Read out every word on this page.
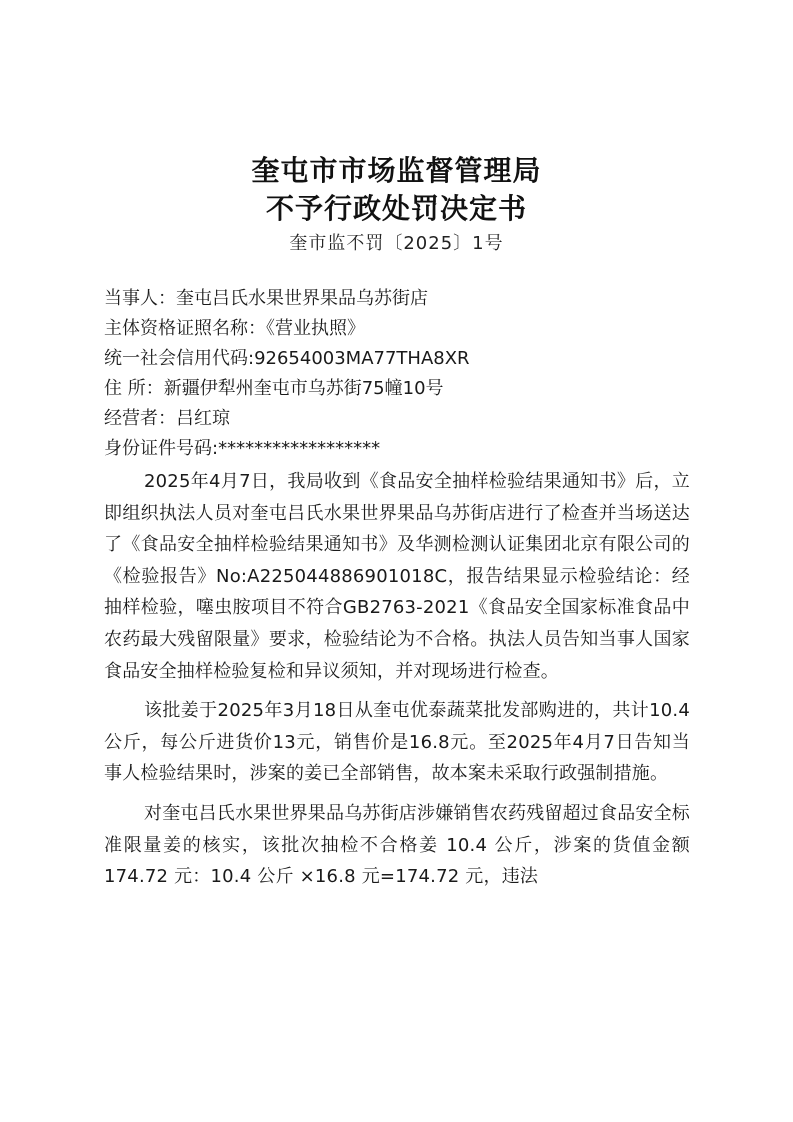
奎屯市市场监督管理局
不予行政处罚决定书
奎市监不罚〔2025〕1号
当事人：奎屯吕氏水果世界果品乌苏街店
主体资格证照名称：《营业执照》
统一社会信用代码:92654003MA77THA8XR
住 所：新疆伊犁州奎屯市乌苏街75幢10号
经营者：吕红琼
身份证件号码:******************

2025年4月7日，我局收到《食品安全抽样检验结果通知书》后，立即组织执法人员对奎屯吕氏水果世界果品乌苏街店进行了检查并当场送达了《食品安全抽样检验结果通知书》及华测检测认证集团北京有限公司的《检验报告》No:A225044886901018C，报告结果显示检验结论：经抽样检验，噻虫胺项目不符合GB2763-2021《食品安全国家标准食品中农药最大残留限量》要求，检验结论为不合格。执法人员告知当事人国家食品安全抽样检验复检和异议须知，并对现场进行检查。

该批姜于2025年3月18日从奎屯优泰蔬菜批发部购进的，共计10.4公斤，每公斤进货价13元，销售价是16.8元。至2025年4月7日告知当事人检验结果时，涉案的姜已全部销售，故本案未采取行政强制措施。

对奎屯吕氏水果世界果品乌苏街店涉嫌销售农药残留超过食品安全标准限量姜的核实，该批次抽检不合格姜 10.4 公斤，涉案的货值金额 174.72 元：10.4 公斤 ×16.8 元=174.72 元，违法
